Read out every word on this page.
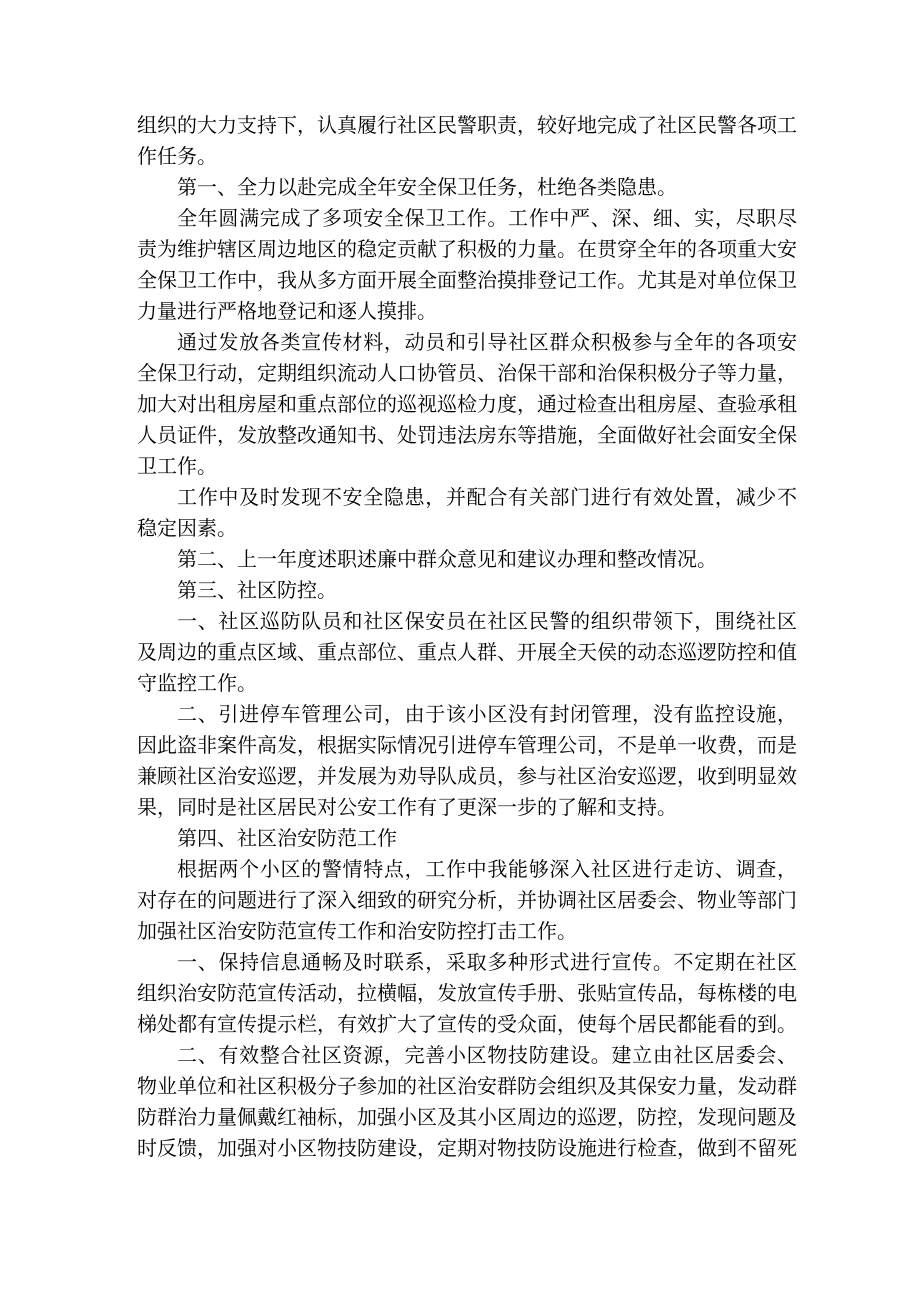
组织的大力支持下，认真履行社区民警职责，较好地完成了社区民警各项工
作任务。
第一、全力以赴完成全年安全保卫任务，杜绝各类隐患。
全年圆满完成了多项安全保卫工作。工作中严、深、细、实，尽职尽
责为维护辖区周边地区的稳定贡献了积极的力量。在贯穿全年的各项重大安
全保卫工作中，我从多方面开展全面整治摸排登记工作。尤其是对单位保卫
力量进行严格地登记和逐人摸排。
通过发放各类宣传材料，动员和引导社区群众积极参与全年的各项安
全保卫行动，定期组织流动人口协管员、治保干部和治保积极分子等力量，
加大对出租房屋和重点部位的巡视巡检力度，通过检查出租房屋、查验承租
人员证件，发放整改通知书、处罚违法房东等措施，全面做好社会面安全保
卫工作。
工作中及时发现不安全隐患，并配合有关部门进行有效处置，减少不
稳定因素。
第二、上一年度述职述廉中群众意见和建议办理和整改情况。
第三、社区防控。
一、社区巡防队员和社区保安员在社区民警的组织带领下，围绕社区
及周边的重点区域、重点部位、重点人群、开展全天侯的动态巡逻防控和值
守监控工作。
二、引进停车管理公司，由于该小区没有封闭管理，没有监控设施，
因此盗非案件高发，根据实际情况引进停车管理公司，不是单一收费，而是
兼顾社区治安巡逻，并发展为劝导队成员，参与社区治安巡逻，收到明显效
果，同时是社区居民对公安工作有了更深一步的了解和支持。
第四、社区治安防范工作
根据两个小区的警情特点，工作中我能够深入社区进行走访、调查，
对存在的问题进行了深入细致的研究分析，并协调社区居委会、物业等部门
加强社区治安防范宣传工作和治安防控打击工作。
一、保持信息通畅及时联系，采取多种形式进行宣传。不定期在社区
组织治安防范宣传活动，拉横幅，发放宣传手册、张贴宣传品，每栋楼的电
梯处都有宣传提示栏，有效扩大了宣传的受众面，使每个居民都能看的到。
二、有效整合社区资源，完善小区物技防建设。建立由社区居委会、
物业单位和社区积极分子参加的社区治安群防会组织及其保安力量，发动群
防群治力量佩戴红袖标，加强小区及其小区周边的巡逻，防控，发现问题及
时反馈，加强对小区物技防建设，定期对物技防设施进行检查，做到不留死
